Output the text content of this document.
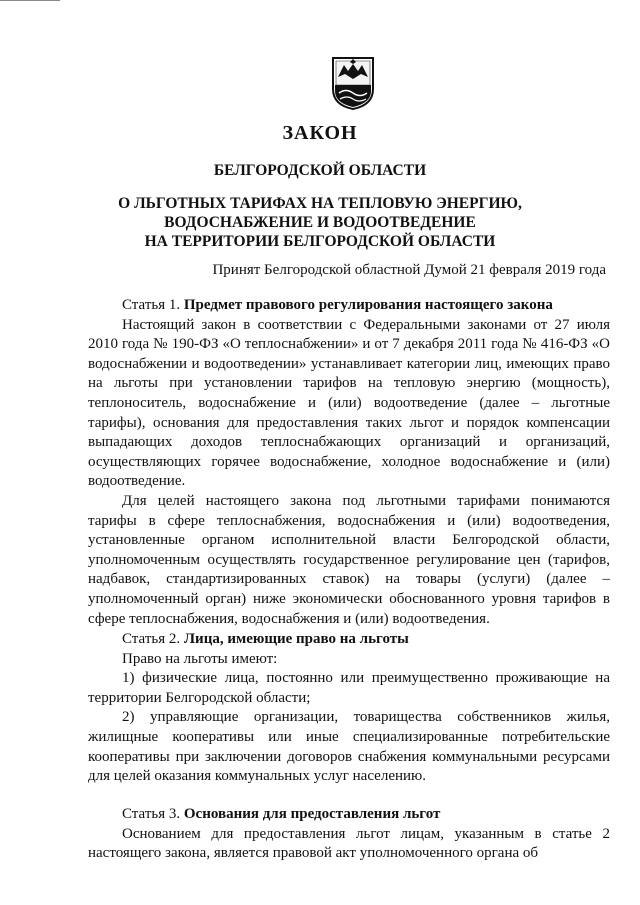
ЗАКОН
БЕЛГОРОДСКОЙ ОБЛАСТИ
О ЛЬГОТНЫХ ТАРИФАХ НА ТЕПЛОВУЮ ЭНЕРГИЮ,
ВОДОСНАБЖЕНИЕ И ВОДООТВЕДЕНИЕ
НА ТЕРРИТОРИИ БЕЛГОРОДСКОЙ ОБЛАСТИ
Принят Белгородской областной Думой 21 февраля 2019 года
Статья 1. Предмет правового регулирования настоящего закона

Настоящий закон в соответствии с Федеральными законами от 27 июля 2010 года № 190-ФЗ «О теплоснабжении» и от 7 декабря 2011 года № 416-ФЗ «О водоснабжении и водоотведении» устанавливает категории лиц, имеющих право на льготы при установлении тарифов на тепловую энергию (мощность), теплоноситель, водоснабжение и (или) водоотведение (далее – льготные тарифы), основания для предоставления таких льгот и порядок компенсации выпадающих доходов теплоснабжающих организаций и организаций, осуществляющих горячее водоснабжение, холодное водоснабжение и (или) водоотведение.

Для целей настоящего закона под льготными тарифами понимаются тарифы в сфере теплоснабжения, водоснабжения и (или) водоотведения, установленные органом исполнительной власти Белгородской области, уполномоченным осуществлять государственное регулирование цен (тарифов, надбавок, стандартизированных ставок) на товары (услуги) (далее – уполномоченный орган) ниже экономически обоснованного уровня тарифов в сфере теплоснабжения, водоснабжения и (или) водоотведения.

Статья 2. Лица, имеющие право на льготы

Право на льготы имеют:

1) физические лица, постоянно или преимущественно проживающие на территории Белгородской области;

2) управляющие организации, товарищества собственников жилья, жилищные кооперативы или иные специализированные потребительские кооперативы при заключении договоров снабжения коммунальными ресурсами для целей оказания коммунальных услуг населению.

Статья 3. Основания для предоставления льгот

Основанием для предоставления льгот лицам, указанным в статье 2 настоящего закона, является правовой акт уполномоченного органа об
